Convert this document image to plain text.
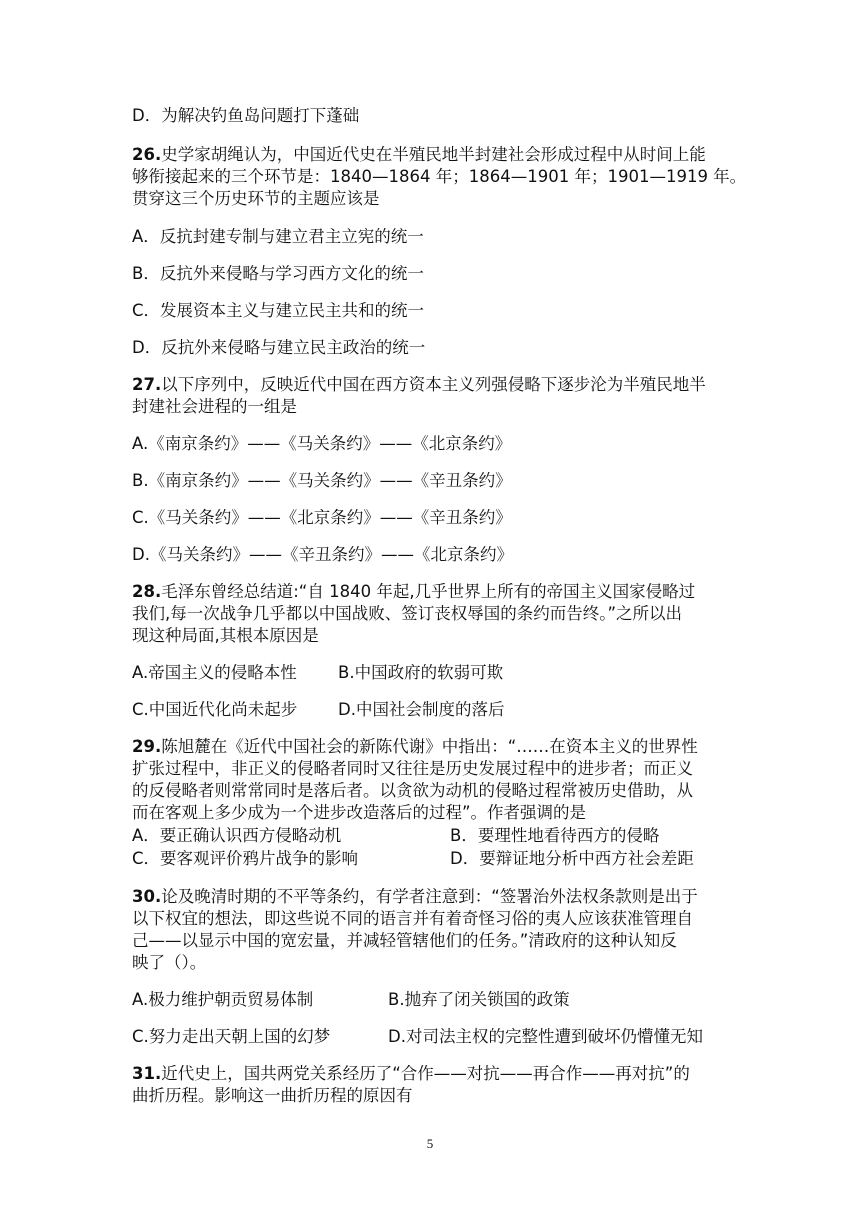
D．为解决钓鱼岛问题打下蓬础
26.史学家胡绳认为，中国近代史在半殖民地半封建社会形成过程中从时间上能
够衔接起来的三个环节是：1840—1864 年；1864—1901 年；1901—1919 年。
贯穿这三个历史环节的主题应该是
A．反抗封建专制与建立君主立宪的统一
B．反抗外来侵略与学习西方文化的统一
C．发展资本主义与建立民主共和的统一
D．反抗外来侵略与建立民主政治的统一
27.以下序列中，反映近代中国在西方资本主义列强侵略下逐步沦为半殖民地半
封建社会进程的一组是
A.《南京条约》——《马关条约》——《北京条约》
B.《南京条约》——《马关条约》——《辛丑条约》
C.《马关条约》——《北京条约》——《辛丑条约》
D.《马关条约》——《辛丑条约》——《北京条约》
28.毛泽东曾经总结道:“自 1840 年起,几乎世界上所有的帝国主义国家侵略过
我们,每一次战争几乎都以中国战败、签订丧权辱国的条约而告终。”之所以出
现这种局面,其根本原因是
A.帝国主义的侵略本性	B.中国政府的软弱可欺
C.中国近代化尚未起步 D.中国社会制度的落后
29.陈旭麓在《近代中国社会的新陈代谢》中指出：“……在资本主义的世界性
扩张过程中，非正义的侵略者同时又往往是历史发展过程中的进步者；而正义
的反侵略者则常常同时是落后者。以贪欲为动机的侵略过程常被历史借助，从
而在客观上多少成为一个进步改造落后的过程”。作者强调的是
A．要正确认识西方侵略动机	B．要理性地看待西方的侵略
C．要客观评价鸦片战争的影响	D．要辩证地分析中西方社会差距
30.论及晚清时期的不平等条约，有学者注意到：“签署治外法权条款则是出于
以下权宜的想法，即这些说不同的语言并有着奇怪习俗的夷人应该获准管理自
己——以显示中国的宽宏量，并减轻管辖他们的任务。”清政府的这种认知反
映了（）。
A.极力维护朝贡贸易体制	B.抛弃了闭关锁国的政策
C.努力走出天朝上国的幻梦	D.对司法主权的完整性遭到破坏仍懵懂无知
31.近代史上，国共两党关系经历了“合作——对抗——再合作——再对抗”的
曲折历程。影响这一曲折历程的原因有
5
